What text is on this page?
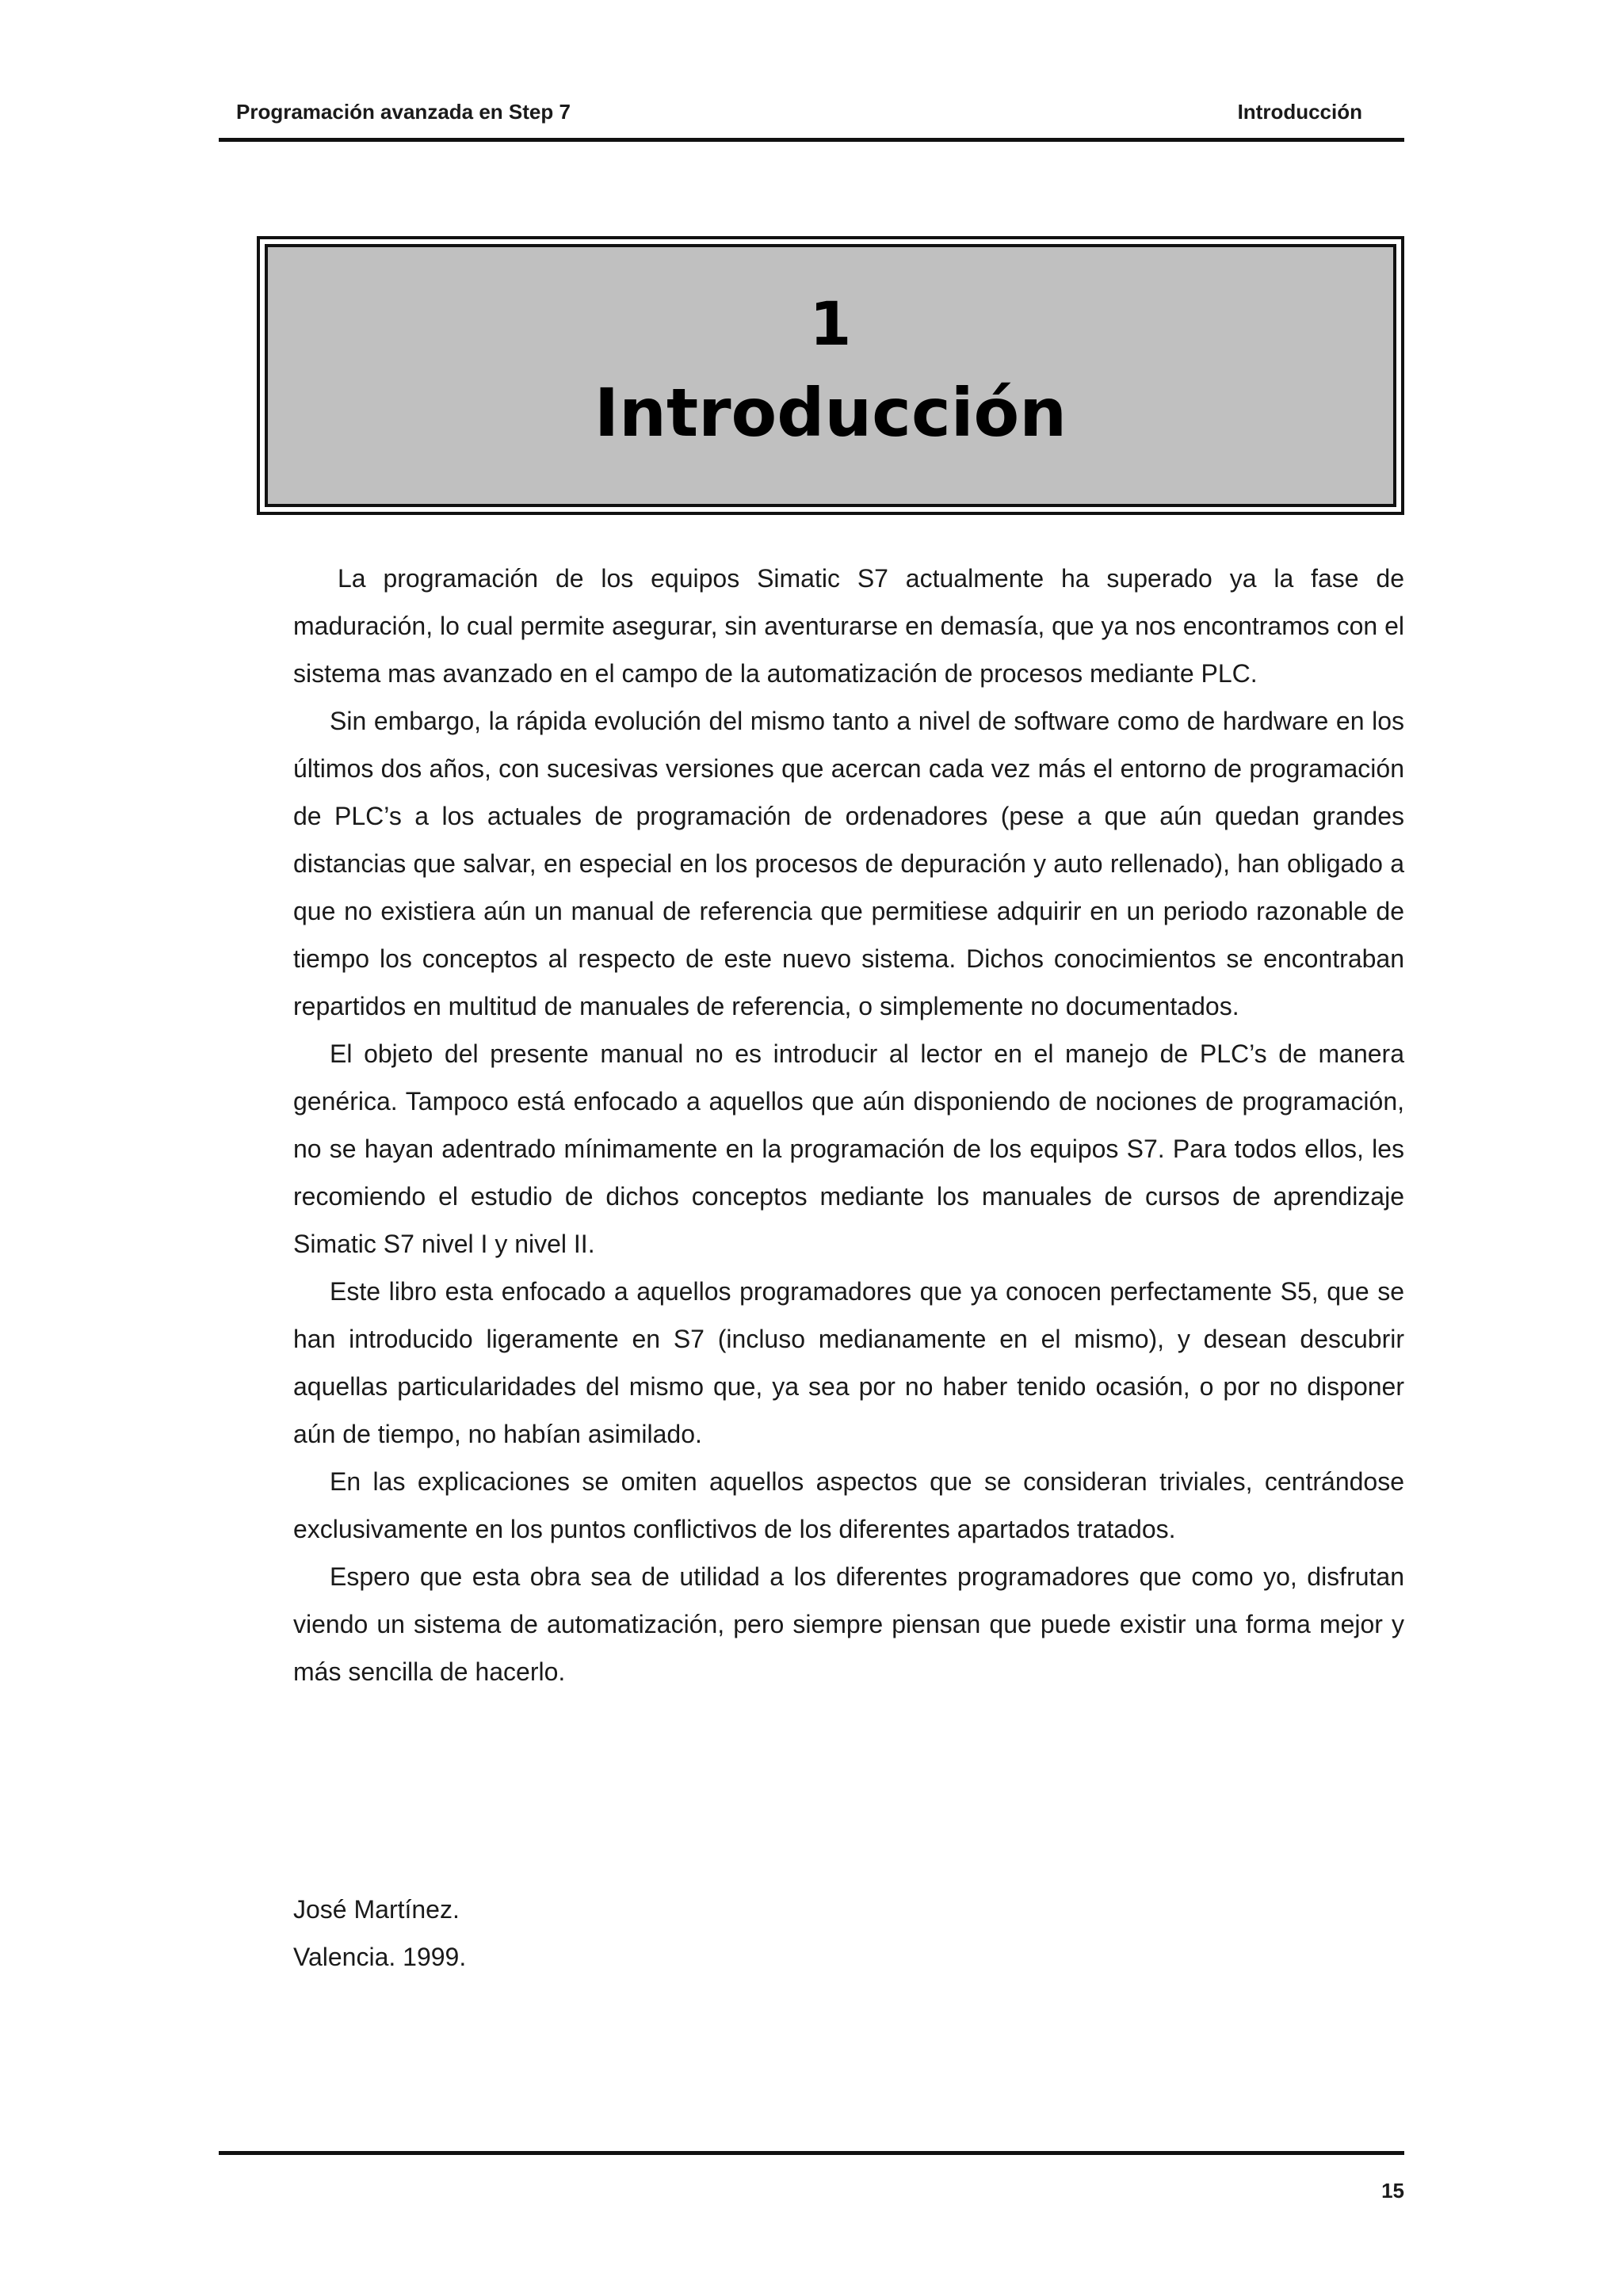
Programación avanzada en Step 7	Introducción
1
Introducción

La programación de los equipos Simatic S7 actualmente ha superado ya la fase de maduración, lo cual permite asegurar, sin aventurarse en demasía, que ya nos encontramos con el sistema mas avanzado en el campo de la automatización de procesos mediante PLC.

Sin embargo, la rápida evolución del mismo tanto a nivel de software como de hardware en los últimos dos años, con sucesivas versiones que acercan cada vez más el entorno de programación de PLC’s a los actuales de programación de ordenadores (pese a que aún quedan grandes distancias que salvar, en especial en los procesos de depuración y auto rellenado), han obligado a que no existiera aún un manual de referencia que permitiese adquirir en un periodo razonable de tiempo los conceptos al respecto de este nuevo sistema. Dichos conocimientos se encontraban repartidos en multitud de manuales de referencia, o simplemente no documentados.

El objeto del presente manual no es introducir al lector en el manejo de PLC’s de manera genérica. Tampoco está enfocado a aquellos que aún disponiendo de nociones de programación, no se hayan adentrado mínimamente en la programación de los equipos S7. Para todos ellos, les recomiendo el estudio de dichos conceptos mediante los manuales de cursos de aprendizaje Simatic S7 nivel I y nivel II.

Este libro esta enfocado a aquellos programadores que ya conocen perfectamente S5, que se han introducido ligeramente en S7 (incluso medianamente en el mismo), y desean descubrir aquellas particularidades del mismo que, ya sea por no haber tenido ocasión, o por no disponer aún de tiempo, no habían asimilado.

En las explicaciones se omiten aquellos aspectos que se consideran triviales, centrándose exclusivamente en los puntos conflictivos de los diferentes apartados tratados.

Espero que esta obra sea de utilidad a los diferentes programadores que como yo, disfrutan viendo un sistema de automatización, pero siempre piensan que puede existir una forma mejor y más sencilla de hacerlo.

José Martínez.
Valencia. 1999.
15
